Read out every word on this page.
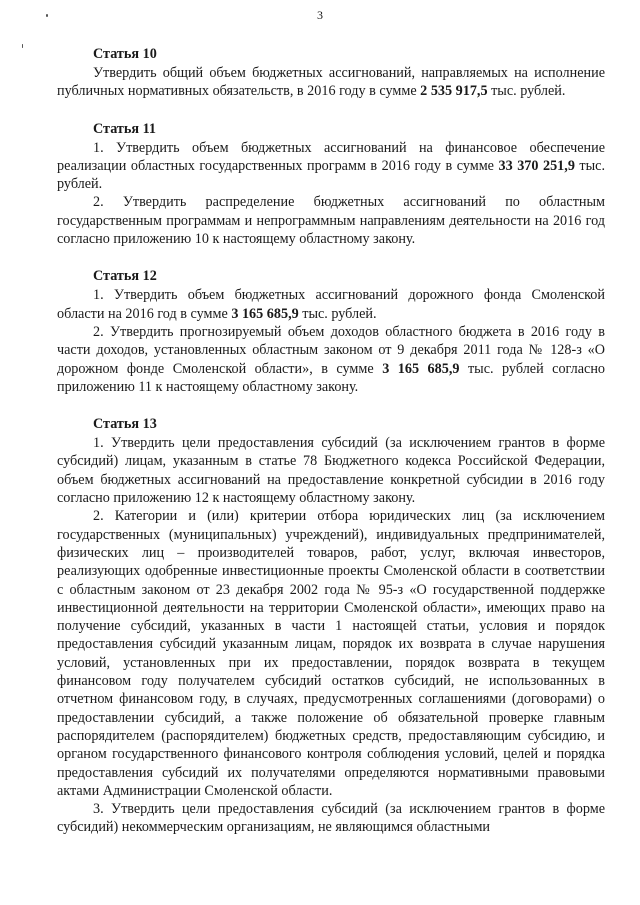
3
Статья 10

Утвердить общий объем бюджетных ассигнований, направляемых на исполнение публичных нормативных обязательств, в 2016 году в сумме 2 535 917,5 тыс. рублей.

Статья 11

1. Утвердить объем бюджетных ассигнований на финансовое обеспечение реализации областных государственных программ в 2016 году в сумме 33 370 251,9 тыс. рублей.

2. Утвердить распределение бюджетных ассигнований по областным государственным программам и непрограммным направлениям деятельности на 2016 год согласно приложению 10 к настоящему областному закону.

Статья 12

1. Утвердить объем бюджетных ассигнований дорожного фонда Смоленской области на 2016 год в сумме 3 165 685,9 тыс. рублей.

2. Утвердить прогнозируемый объем доходов областного бюджета в 2016 году в части доходов, установленных областным законом от 9 декабря 2011 года № 128-з «О дорожном фонде Смоленской области», в сумме 3 165 685,9 тыс. рублей согласно приложению 11 к настоящему областному закону.

Статья 13

1. Утвердить цели предоставления субсидий (за исключением грантов в форме субсидий) лицам, указанным в статье 78 Бюджетного кодекса Российской Федерации, объем бюджетных ассигнований на предоставление конкретной субсидии в 2016 году согласно приложению 12 к настоящему областному закону.

2. Категории и (или) критерии отбора юридических лиц (за исключением государственных (муниципальных) учреждений), индивидуальных предпринимателей, физических лиц – производителей товаров, работ, услуг, включая инвесторов, реализующих одобренные инвестиционные проекты Смоленской области в соответствии с областным законом от 23 декабря 2002 года № 95-з «О государственной поддержке инвестиционной деятельности на территории Смоленской области», имеющих право на получение субсидий, указанных в части 1 настоящей статьи, условия и порядок предоставления субсидий указанным лицам, порядок их возврата в случае нарушения условий, установленных при их предоставлении, порядок возврата в текущем финансовом году получателем субсидий остатков субсидий, не использованных в отчетном финансовом году, в случаях, предусмотренных соглашениями (договорами) о предоставлении субсидий, а также положение об обязательной проверке главным распорядителем (распорядителем) бюджетных средств, предоставляющим субсидию, и органом государственного финансового контроля соблюдения условий, целей и порядка предоставления субсидий их получателями определяются нормативными правовыми актами Администрации Смоленской области.

3. Утвердить цели предоставления субсидий (за исключением грантов в форме субсидий) некоммерческим организациям, не являющимся областными
